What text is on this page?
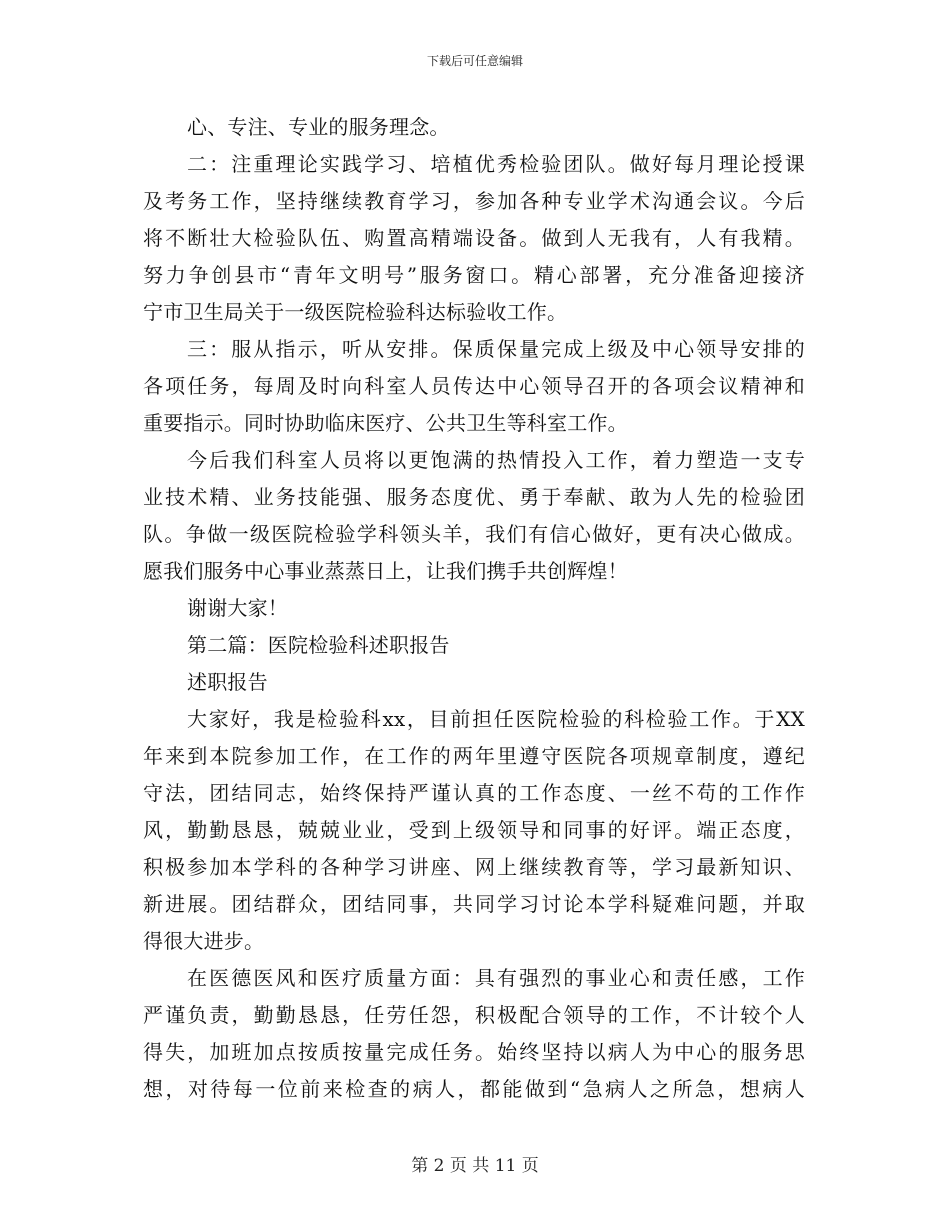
下载后可任意编辑
心、专注、专业的服务理念。
二：注重理论实践学习、培植优秀检验团队。做好每月理论授课
及考务工作，坚持继续教育学习，参加各种专业学术沟通会议。今后
将不断壮大检验队伍、购置高精端设备。做到人无我有，人有我精。
努力争创县市“青年文明号”服务窗口。精心部署，充分准备迎接济
宁市卫生局关于一级医院检验科达标验收工作。
三：服从指示，听从安排。保质保量完成上级及中心领导安排的
各项任务，每周及时向科室人员传达中心领导召开的各项会议精神和
重要指示。同时协助临床医疗、公共卫生等科室工作。
今后我们科室人员将以更饱满的热情投入工作，着力塑造一支专
业技术精、业务技能强、服务态度优、勇于奉献、敢为人先的检验团
队。争做一级医院检验学科领头羊，我们有信心做好，更有决心做成。
愿我们服务中心事业蒸蒸日上，让我们携手共创辉煌！
谢谢大家！
第二篇：医院检验科述职报告
述职报告
大家好，我是检验科xx，目前担任医院检验的科检验工作。于XX
年来到本院参加工作，在工作的两年里遵守医院各项规章制度，遵纪
守法，团结同志，始终保持严谨认真的工作态度、一丝不苟的工作作
风，勤勤恳恳，兢兢业业，受到上级领导和同事的好评。端正态度，
积极参加本学科的各种学习讲座、网上继续教育等，学习最新知识、
新进展。团结群众，团结同事，共同学习讨论本学科疑难问题，并取
得很大进步。
在医德医风和医疗质量方面：具有强烈的事业心和责任感，工作
严谨负责，勤勤恳恳，任劳任怨，积极配合领导的工作，不计较个人
得失，加班加点按质按量完成任务。始终坚持以病人为中心的服务思
想，对待每一位前来检查的病人，都能做到“急病人之所急，想病人
第 2 页 共 11 页
